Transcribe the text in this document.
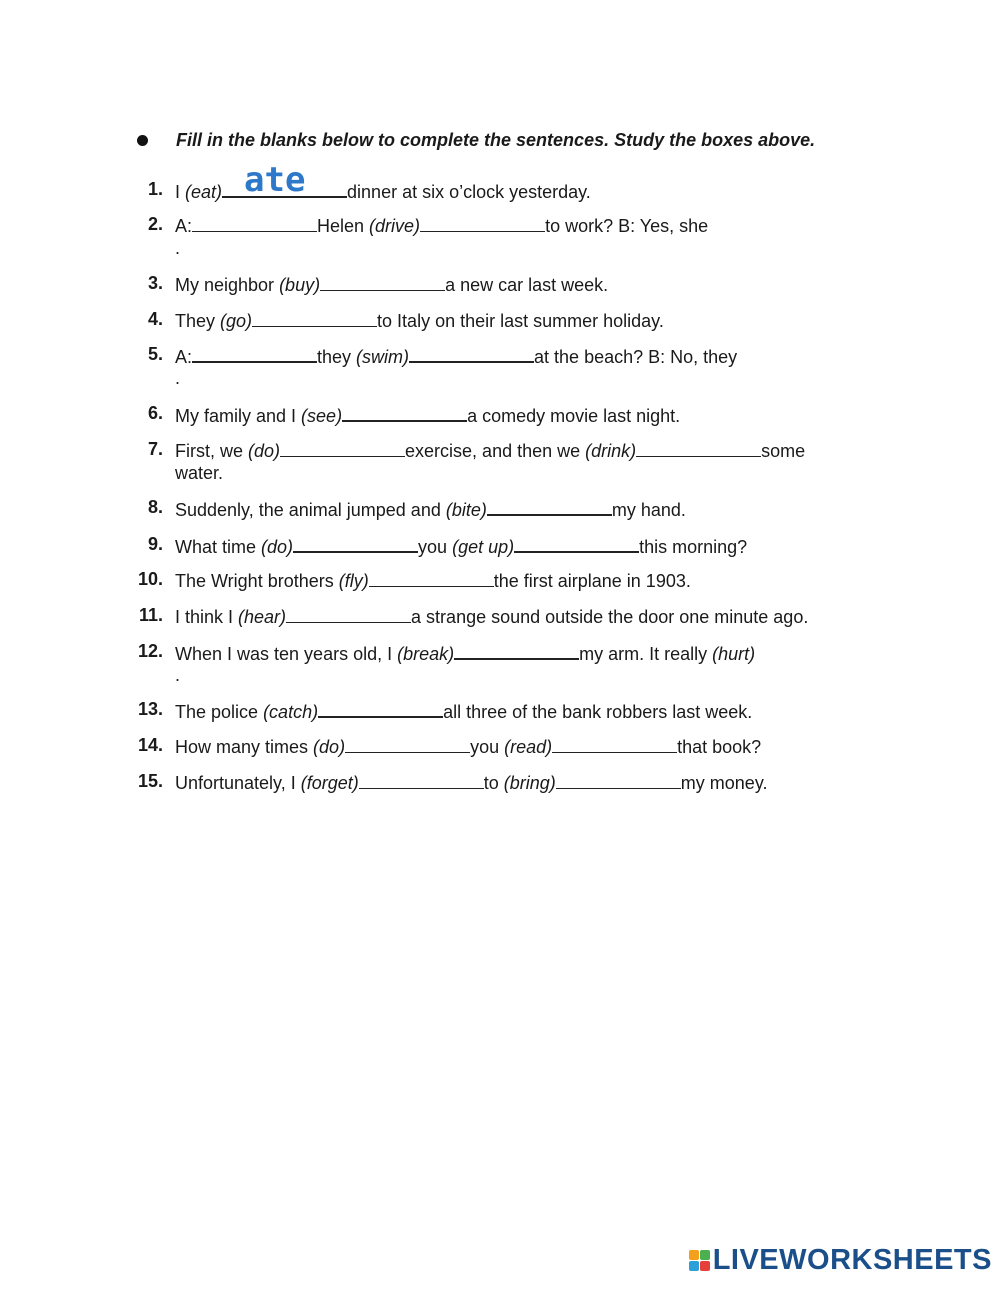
Fill in the blanks below to complete the sentences. Study the boxes above.
1. I (eat) ate dinner at six o’clock yesterday.
2. A:	Helen (drive)	to work? B: Yes, she
.
3. My neighbor (buy)	a new car last week.
4. They (go)	to Italy on their last summer holiday.
5. A:	they (swim)	at the beach? B: No, they
.
6. My family and I (see)	a comedy movie last night.
7. First, we (do)	exercise, and then we (drink)	some
water.
8. Suddenly, the animal jumped and (bite)	my hand.
9. What time (do)	you (get up)	this morning?
10. The Wright brothers (fly)	the first airplane in 1903.
11. I think I (hear)	a strange sound outside the door one minute ago.
12. When I was ten years old, I (break)	my arm. It really (hurt)
.
13. The police (catch)	all three of the bank robbers last week.
14. How many times (do)	you (read)	that book?
15. Unfortunately, I (forget)	to (bring)	my money.
LIVEWORKSHEETS
